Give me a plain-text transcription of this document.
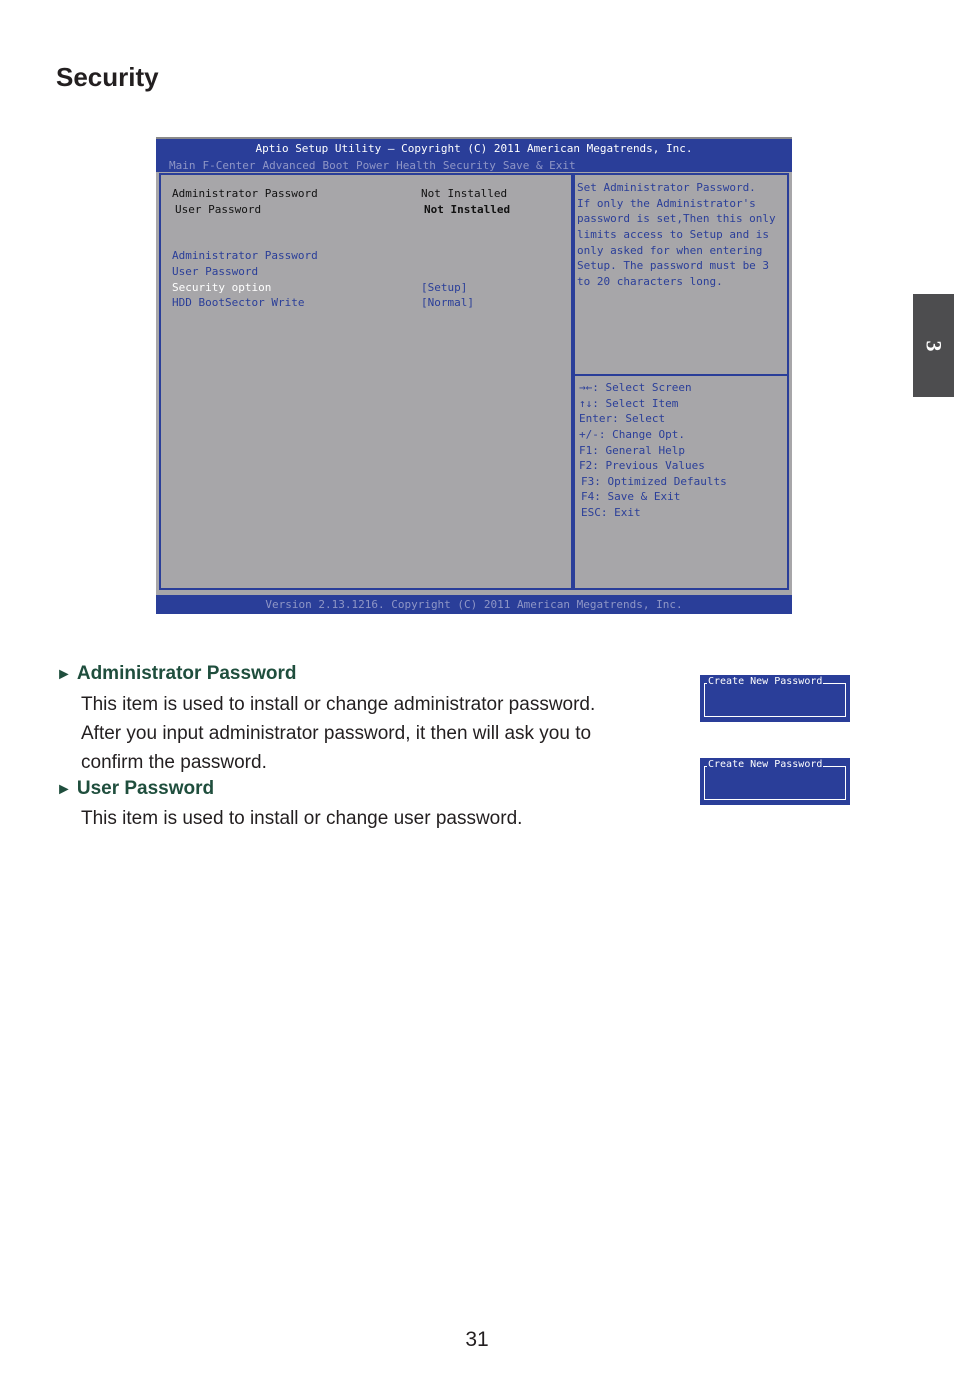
Security
3
Aptio Setup Utility – Copyright (C) 2011 American Megatrends, Inc.
Main F-Center Advanced Boot Power Health Security Save & Exit
Administrator Password	Not Installed
User Password	Not Installed
Administrator Password
User Password
Security option	[Setup]
HDD BootSector Write	[Normal]
Set Administrator Password.
If only the Administrator's
password is set,Then this only
limits access to Setup and is
only asked for when entering
Setup. The password must be 3
to 20 characters long.
→←: Select Screen
↑↓: Select Item
Enter: Select
+/-: Change Opt.
F1: General Help
F2: Previous Values
F3: Optimized Defaults
F4: Save & Exit
ESC: Exit
Version 2.13.1216. Copyright (C) 2011 American Megatrends, Inc.
► Administrator Password
This item is used to install or change administrator password.
After you input administrator password, it then will ask you to
confirm the password.
► User Password
This item is used to install or change user password.
Create New Password
Create New Password
31
